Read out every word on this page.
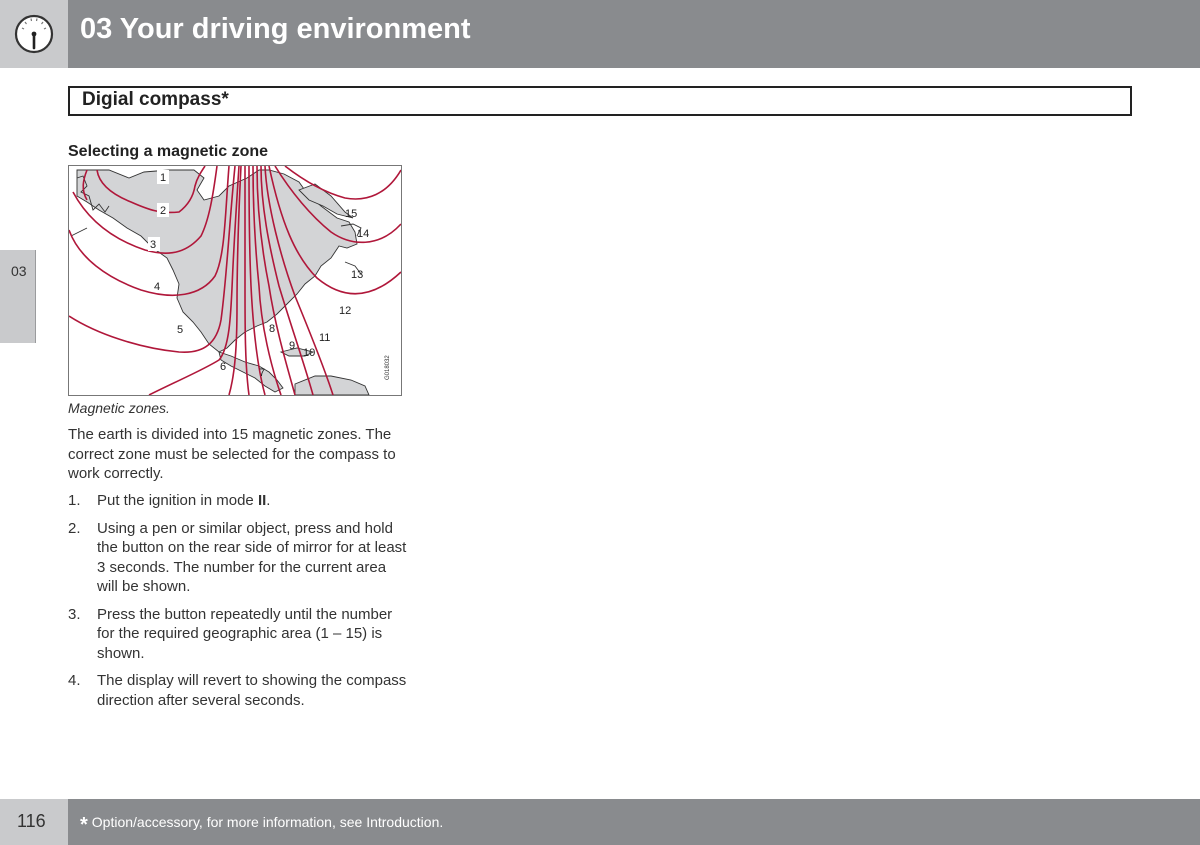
03 Your driving environment
03
Digial compass*
Selecting a magnetic zone
1
2
3
4
5
6	7
8
9
10
11
12
13
14
15
G018032
Magnetic zones.
The earth is divided into 15 magnetic zones. The correct zone must be selected for the compass to work correctly.
1. Put the ignition in mode II.
2. Using a pen or similar object, press and hold the button on the rear side of mirror for at least 3 seconds. The number for the current area will be shown.
3. Press the button repeatedly until the number for the required geographic area (1 – 15) is shown.
4. The display will revert to showing the compass direction after several seconds.
116 * Option/accessory, for more information, see Introduction.
